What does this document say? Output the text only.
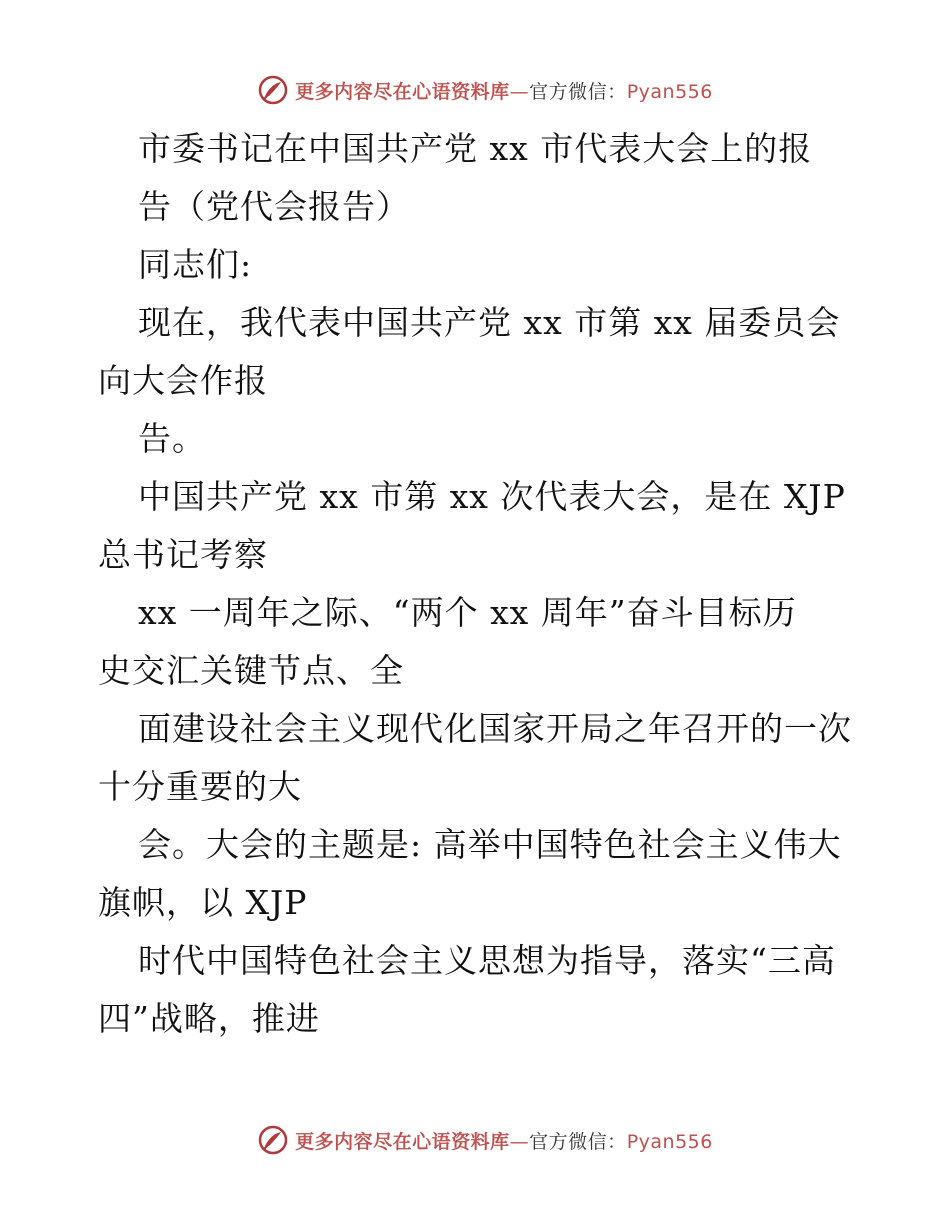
更多内容尽在心语资料库—官方微信：Pyan556
市委书记在中国共产党 xx 市代表大会上的报
告（党代会报告）
同志们:
现在，我代表中国共产党 xx 市第 xx 届委员会
向大会作报
告。
中国共产党 xx 市第 xx 次代表大会，是在 XJP
总书记考察
xx 一周年之际、“两个 xx 周年”奋斗目标历
史交汇关键节点、全
面建设社会主义现代化国家开局之年召开的一次
十分重要的大
会。大会的主题是: 高举中国特色社会主义伟大
旗帜，以 XJP
时代中国特色社会主义思想为指导，落实“三高
四”战略，推进
更多内容尽在心语资料库—官方微信：Pyan556
